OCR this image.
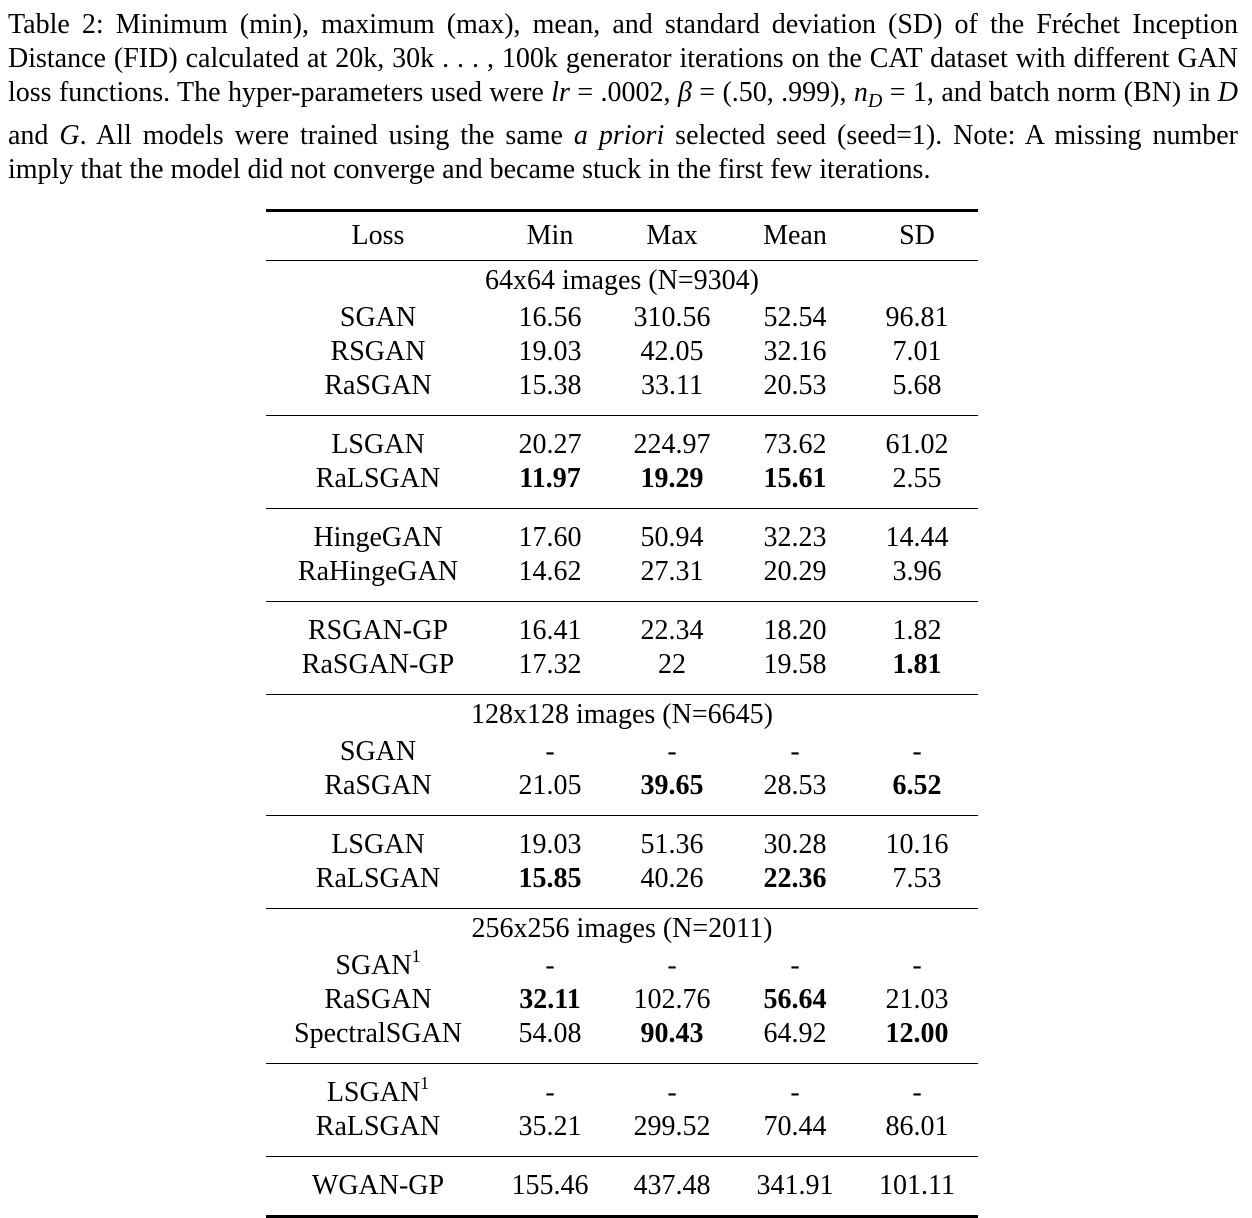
Table 2: Minimum (min), maximum (max), mean, and standard deviation (SD) of the Fréchet Inception Distance (FID) calculated at 20k, 30k . . . , 100k generator iterations on the CAT dataset with different GAN loss functions. The hyper-parameters used were lr = .0002, β = (.50, .999), $n_D = 1$, and batch norm (BN) in D and G. All models were trained using the same a priori selected seed (seed=1). Note: A missing number imply that the model did not converge and became stuck in the first few iterations.
Loss	Min	Max	Mean	SD
64x64 images (N=9304)				
SGAN	16.56	310.56	52.54	96.81
RSGAN	19.03	42.05	32.16	7.01
RaSGAN	15.38	33.11	20.53	5.68
LSGAN	20.27	224.97	73.62	61.02
RaLSGAN	11.97	19.29	15.61	2.55
HingeGAN	17.60	50.94	32.23	14.44
RaHingeGAN	14.62	27.31	20.29	3.96
RSGAN-GP	16.41	22.34	18.20	1.82
RaSGAN-GP	17.32	22	19.58	1.81
128x128 images (N=6645)				
SGAN	-	-	-	-
RaSGAN	21.05	39.65	28.53	6.52
LSGAN	19.03	51.36	30.28	10.16
RaLSGAN	15.85	40.26	22.36	7.53
256x256 images (N=2011)				
SGAN$^1$	-	-	-	-
RaSGAN	32.11	102.76	56.64	21.03
SpectralSGAN	54.08	90.43	64.92	12.00
LSGAN$^1$	-	-	-	-
RaLSGAN	35.21	299.52	70.44	86.01
WGAN-GP	155.46	437.48	341.91	101.11
